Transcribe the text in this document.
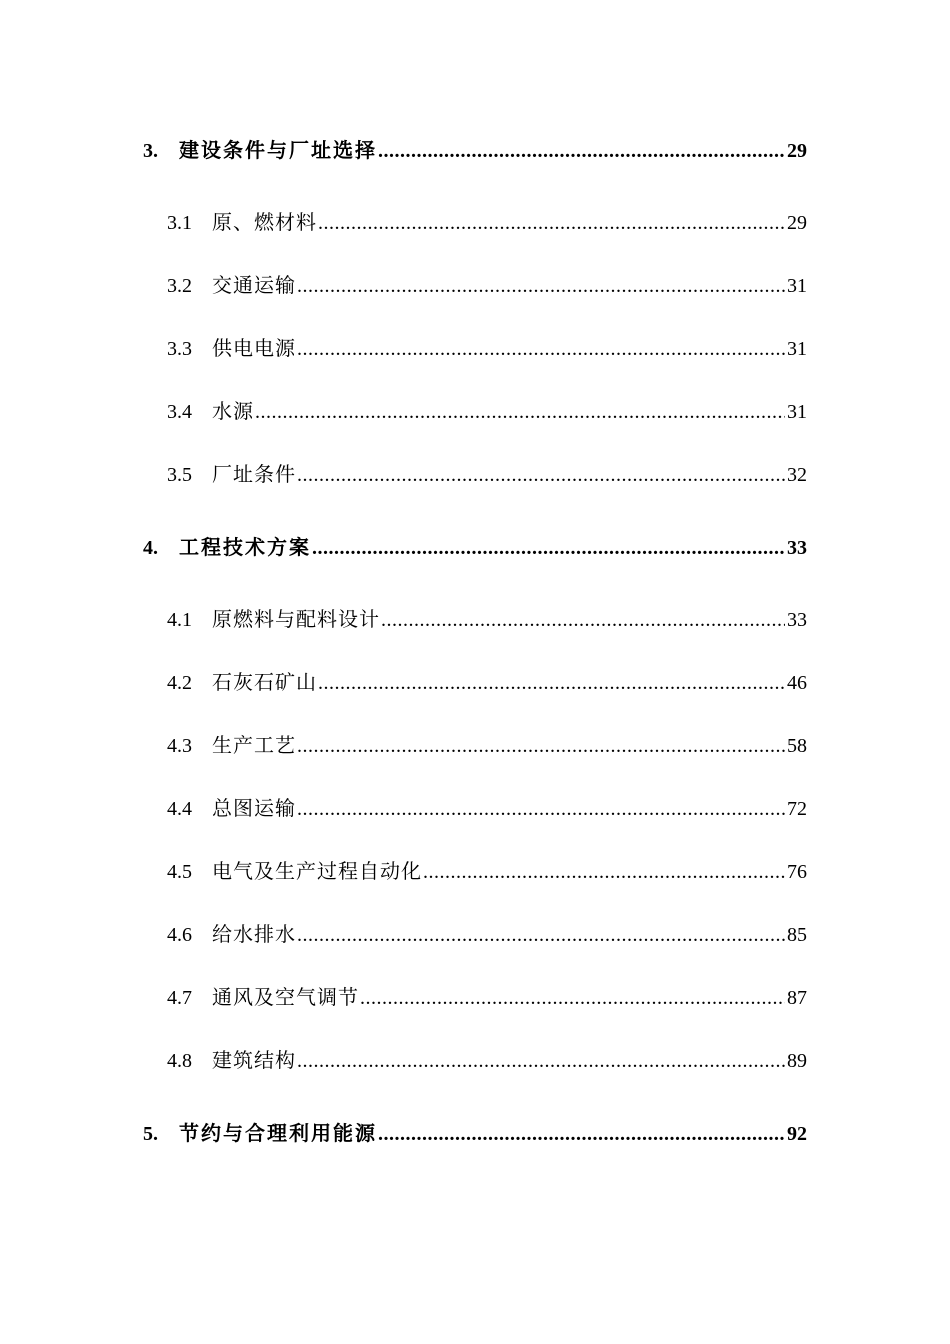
3.	建设条件与厂址选择 .....	29
3.1	原、燃材料 .....	29
3.2	交通运输 .....	31
3.3	供电电源 .....	31
3.4	水源 .....	31
3.5	厂址条件 .....	32
4.	工程技术方案 .....	33
4.1	原燃料与配料设计 .....	33
4.2	石灰石矿山 .....	46
4.3	生产工艺 .....	58
4.4	总图运输 .....	72
4.5	电气及生产过程自动化 .....	76
4.6	给水排水 .....	85
4.7	通风及空气调节 .....	87
4.8	建筑结构 .....	89
5.	节约与合理利用能源 .....	92
